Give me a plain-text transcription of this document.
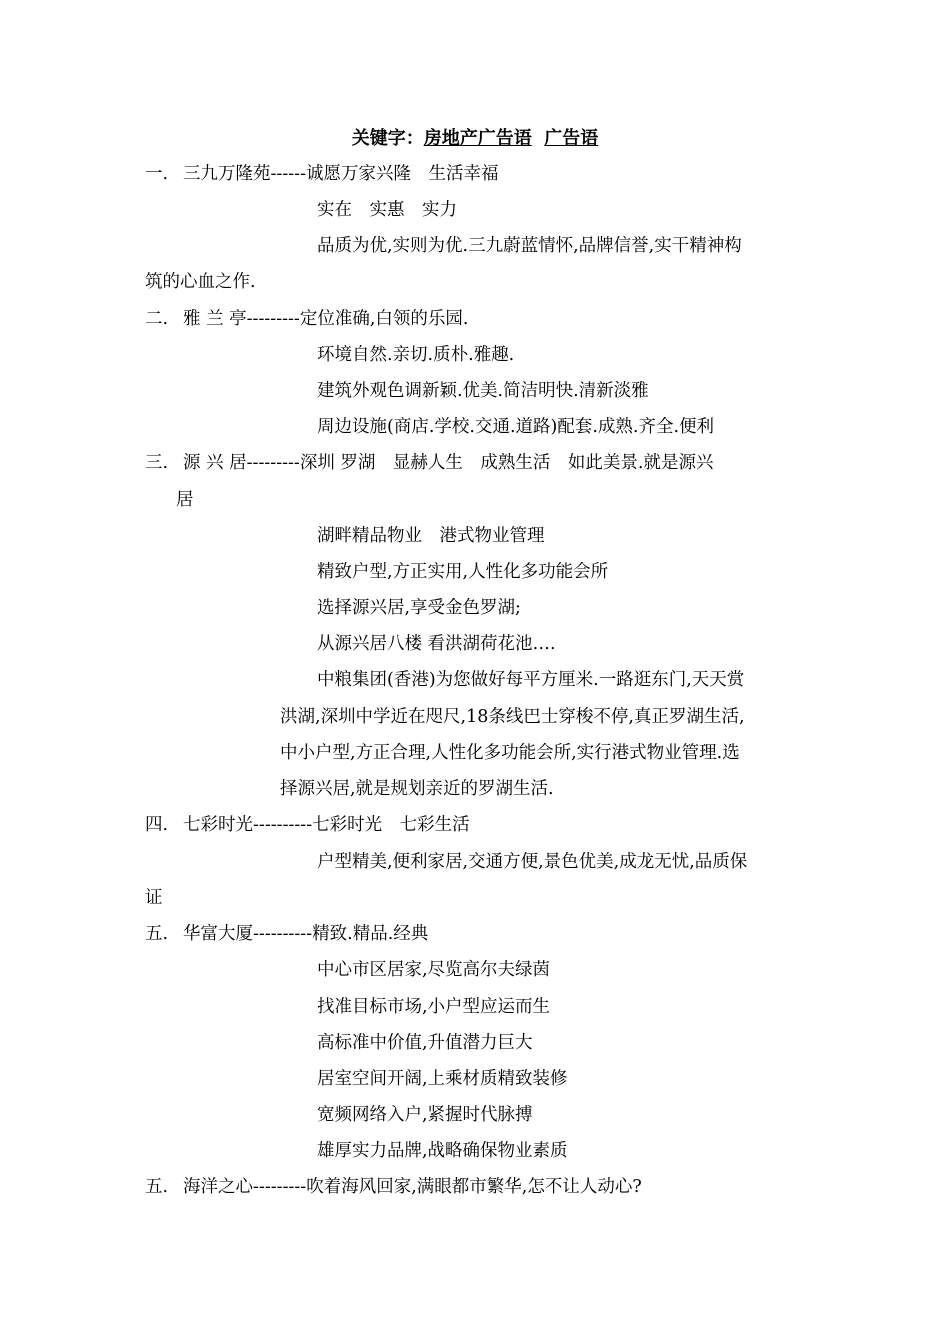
关键字：房地产广告语 广告语
一. 三九万隆苑------诚愿万家兴隆　生活幸福
实在　实惠　实力
品质为优,实则为优.三九蔚蓝情怀,品牌信誉,实干精神构
筑的心血之作.
二. 雅 兰 亭---------定位准确,白领的乐园.
环境自然.亲切.质朴.雅趣.
建筑外观色调新颖.优美.简洁明快.清新淡雅
周边设施(商店.学校.交通.道路)配套.成熟.齐全.便利
三. 源 兴 居---------深圳 罗湖　显赫人生　成熟生活　如此美景.就是源兴
居
湖畔精品物业　港式物业管理
精致户型,方正实用,人性化多功能会所
选择源兴居,享受金色罗湖;
从源兴居八楼 看洪湖荷花池….
中粮集团(香港)为您做好每平方厘米.一路逛东门,天天赏
洪湖,深圳中学近在咫尺,18条线巴士穿梭不停,真正罗湖生活,
中小户型,方正合理,人性化多功能会所,实行港式物业管理.选
择源兴居,就是规划亲近的罗湖生活.
四. 七彩时光----------七彩时光　七彩生活
户型精美,便利家居,交通方便,景色优美,成龙无忧,品质保
证
五. 华富大厦----------精致.精品.经典
中心市区居家,尽览高尔夫绿茵
找准目标市场,小户型应运而生
高标准中价值,升值潜力巨大
居室空间开阔,上乘材质精致装修
宽频网络入户,紧握时代脉搏
雄厚实力品牌,战略确保物业素质
五. 海洋之心---------吹着海风回家,满眼都市繁华,怎不让人动心?
